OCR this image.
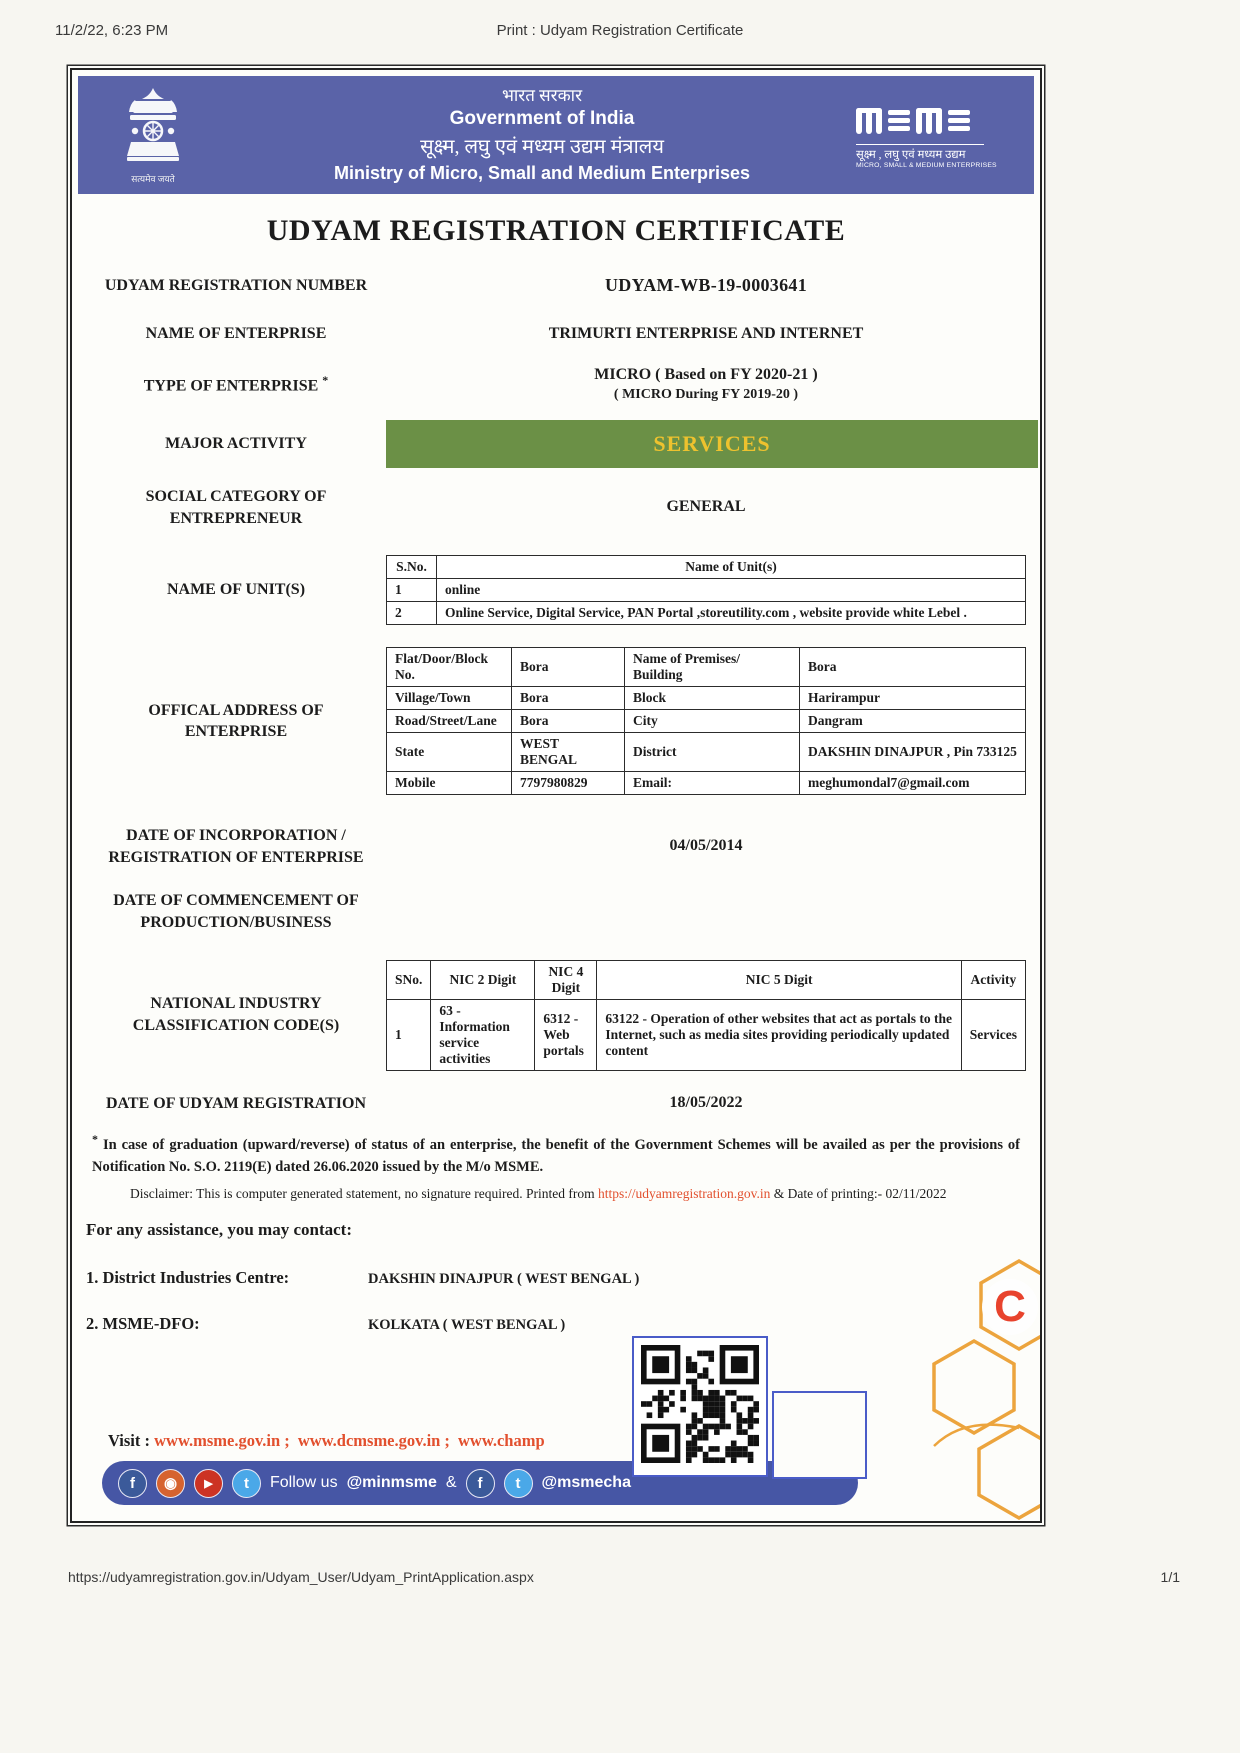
11/2/22, 6:23 PM	Print : Udyam Registration Certificate
सत्यमेव जयते
भारत सरकार
Government of India
सूक्ष्म, लघु एवं मध्यम उद्यम मंत्रालय
Ministry of Micro, Small and Medium Enterprises
सूक्ष्म , लघु एवं मध्यम उद्यम
MICRO, SMALL & MEDIUM ENTERPRISES
UDYAM REGISTRATION CERTIFICATE
UDYAM REGISTRATION NUMBER	UDYAM-WB-19-0003641
NAME OF ENTERPRISE	TRIMURTI ENTERPRISE AND INTERNET
TYPE OF ENTERPRISE *	MICRO ( Based on FY 2020-21 )
( MICRO During FY 2019-20 )
MAJOR ACTIVITY	SERVICES
SOCIAL CATEGORY OF ENTREPRENEUR
GENERAL
NAME OF UNIT(S)
S.No.	Name of Unit(s)
1	online
2	Online Service, Digital Service, PAN Portal ,storeutility.com , website provide white Lebel .
OFFICAL ADDRESS OF ENTERPRISE
Flat/Door/Block No.	Bora	Name of Premises/ Building	Bora
Village/Town	Bora	Block	Harirampur
Road/Street/Lane	Bora	City	Dangram
State	WEST BENGAL	District	DAKSHIN DINAJPUR , Pin 733125
Mobile	7797980829	Email:	meghumondal7@gmail.com
DATE OF INCORPORATION / REGISTRATION OF ENTERPRISE
04/05/2014
DATE OF COMMENCEMENT OF PRODUCTION/BUSINESS
NATIONAL INDUSTRY CLASSIFICATION CODE(S)
SNo.	NIC 2 Digit	NIC 4 Digit	NIC 5 Digit	Activity
1	63 - Information service activities	6312 - Web portals	63122 - Operation of other websites that act as portals to the Internet, such as media sites providing periodically updated content	Services
DATE OF UDYAM REGISTRATION	18/05/2022
* In case of graduation (upward/reverse) of status of an enterprise, the benefit of the Government Schemes will be availed as per the provisions of Notification No. S.O. 2119(E) dated 26.06.2020 issued by the M/o MSME.
Disclaimer: This is computer generated statement, no signature required. Printed from https://udyamregistration.gov.in & Date of printing:- 02/11/2022
For any assistance, you may contact:
1. District Industries Centre:	DAKSHIN DINAJPUR ( WEST BENGAL )
2. MSME-DFO:	KOLKATA ( WEST BENGAL )	C
Visit : www.msme.gov.in ; www.dcmsme.gov.in ; www.champ
f	◉	▶	t	Follow us @minmsme &	f	t	@msmecha
https://udyamregistration.gov.in/Udyam_User/Udyam_PrintApplication.aspx	1/1
